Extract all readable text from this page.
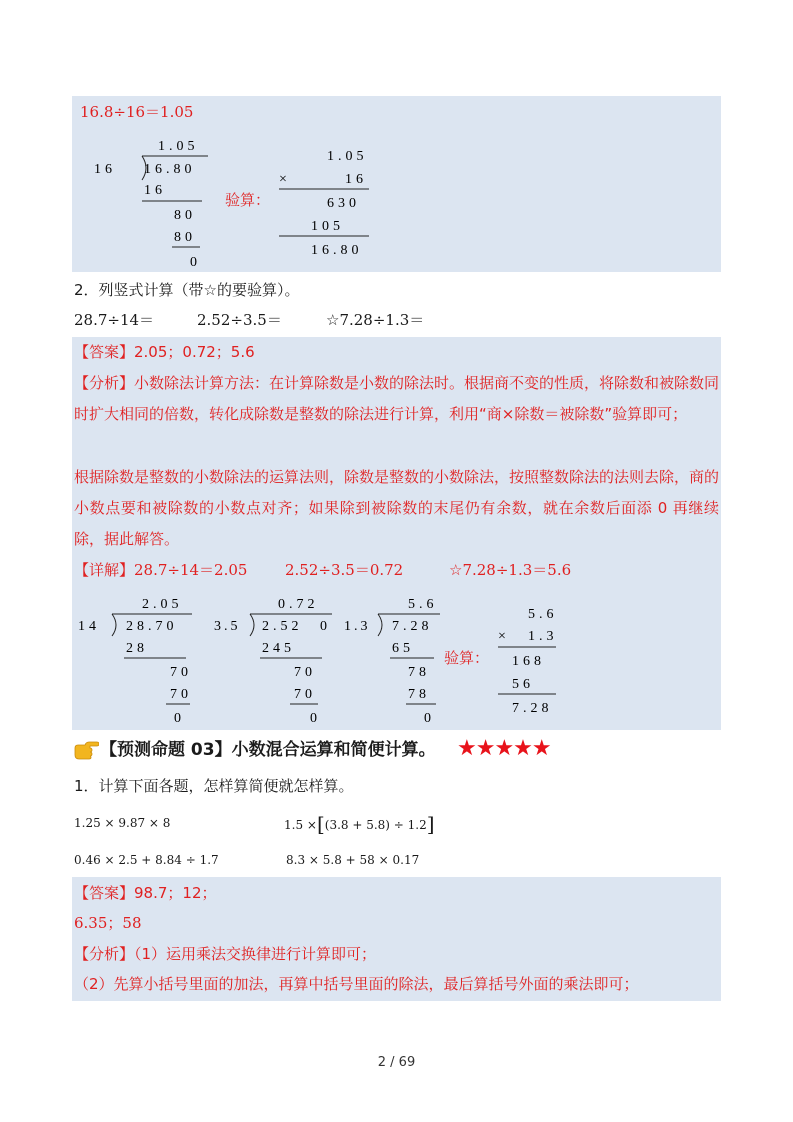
16.8÷16＝1.05
1.05
16 16.80
16
80
80
0
验算：
1.05
×	16
630
105
16.80
2．列竖式计算（带☆的要验算）。
28.7÷14＝	2.52÷3.5＝	☆7.28÷1.3＝
【答案】2.05；0.72；5.6
【分析】小数除法计算方法：在计算除数是小数的除法时。根据商不变的性质，将除数和被除数同时扩大相同的倍数，转化成除数是整数的除法进行计算，利用“商×除数＝被除数”验算即可；
根据除数是整数的小数除法的运算法则，除数是整数的小数除法，按照整数除法的法则去除，商的小数点要和被除数的小数点对齐；如果除到被除数的末尾仍有余数，就在余数后面添 0 再继续除，据此解答。
【详解】 28.7÷14＝2.05	2.52÷3.5＝0.72	☆7.28÷1.3＝5.6
2.05
14 28.70
28
70
70
0
0.72
3.5 2.52 0
245
70
70
0
5.6
1.3 7.28
65
78
78
0
验算：
5.6
× 1.3
168
56
7.28
【预测命题 03】小数混合运算和简便计算。 ★★★★★
1．计算下面各题，怎样算简便就怎样算。
1.25 × 9.87 × 8	1.5 ×[(3.8 + 5.8) ÷ 1.2]
0.46 × 2.5 + 8.84 ÷ 1.7	8.3 × 5.8 + 58 × 0.17
【答案】98.7；12；
6.35；58
【分析】（1）运用乘法交换律进行计算即可；
（2）先算小括号里面的加法，再算中括号里面的除法，最后算括号外面的乘法即可；
2 / 69
